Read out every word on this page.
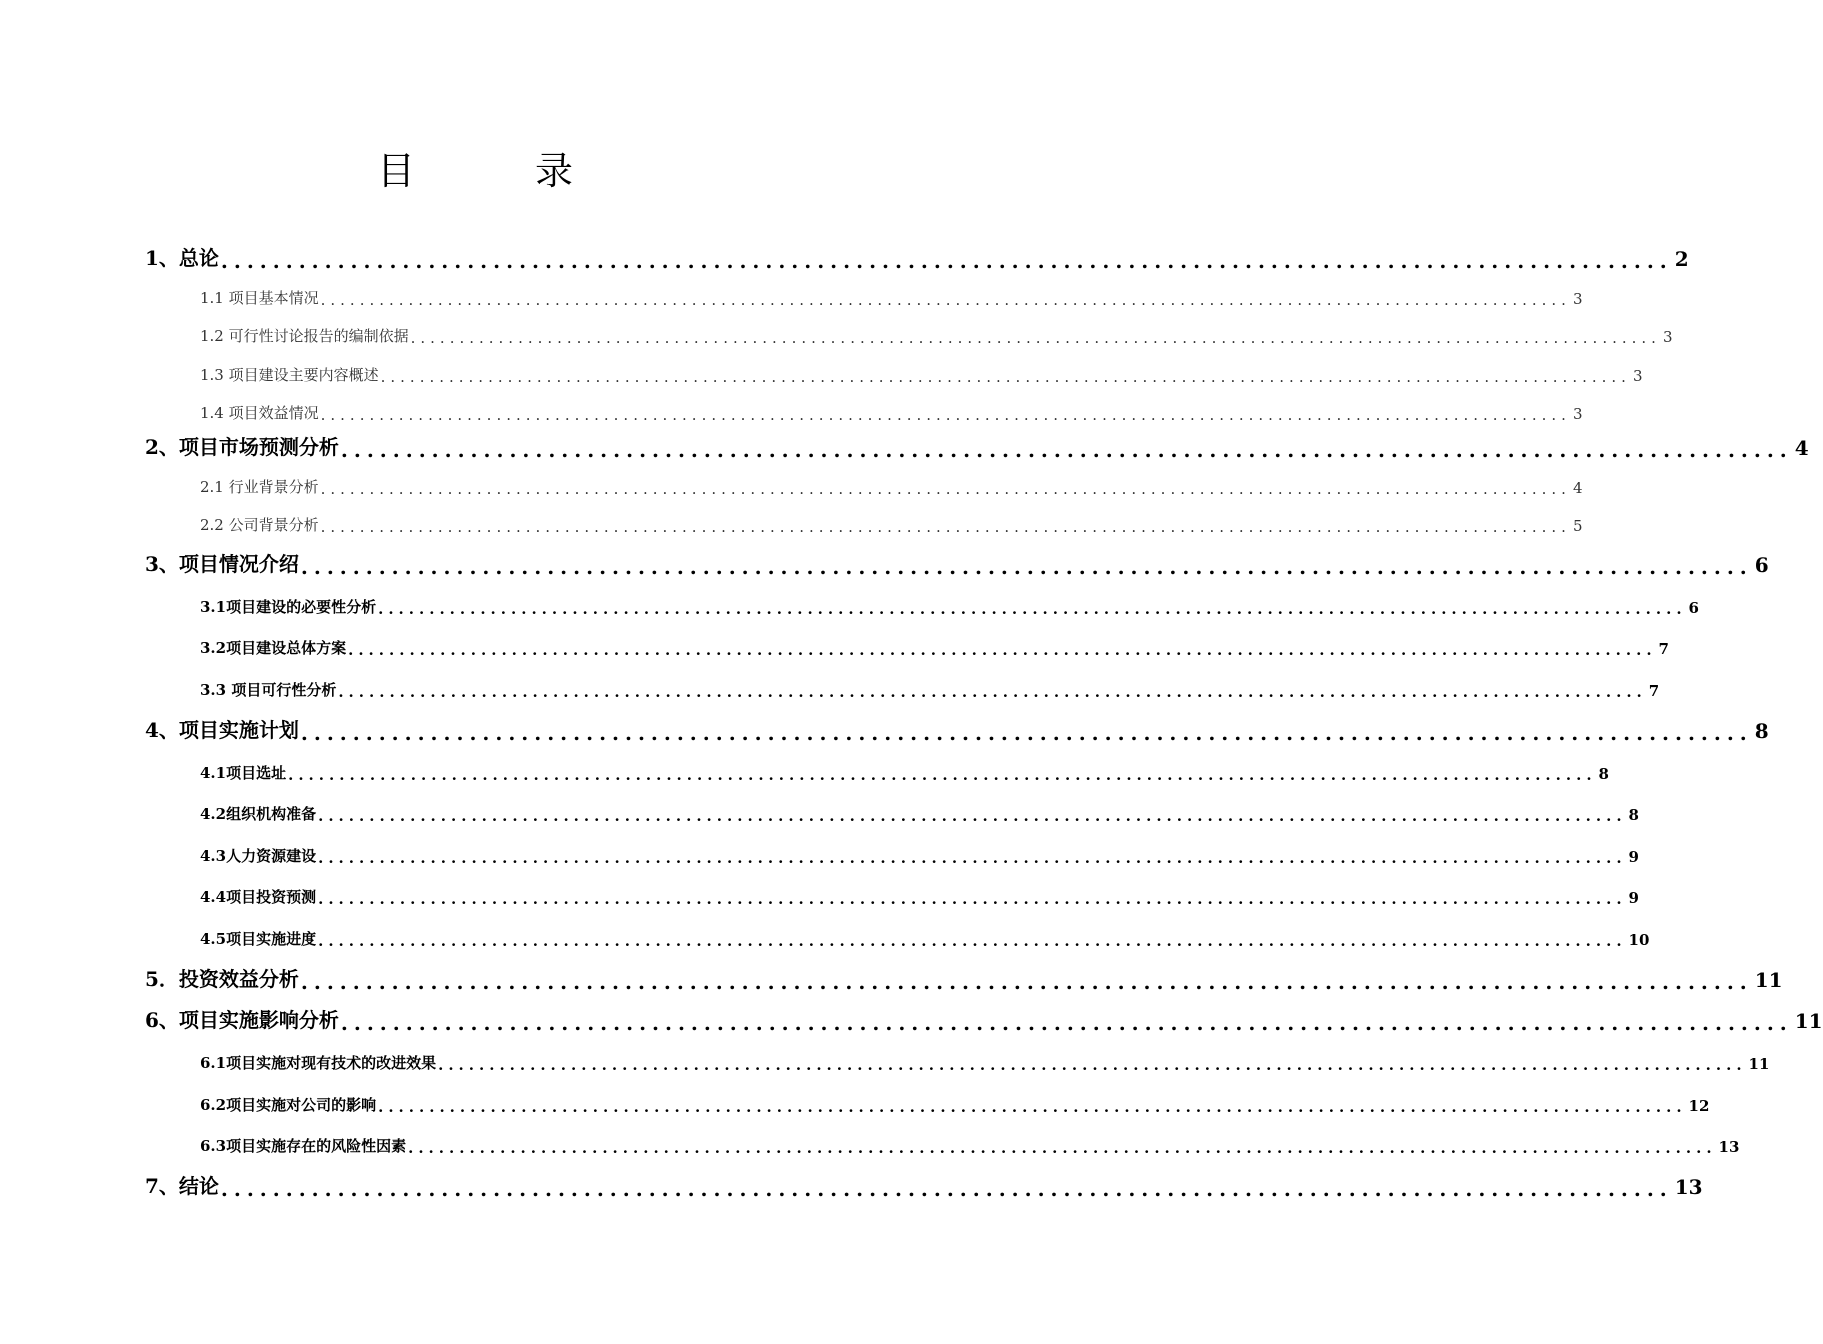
目 录
1、总论 ................................................................................................................ 2
1.1 项目基本情况 ................................................................................................................................ 3
1.2 可行性讨论报告的编制依据 ................................................................................................................................ 3
1.3 项目建设主要内容概述 ................................................................................................................................ 3
1.4 项目效益情况 ................................................................................................................................ 3
2、项目市场预测分析 ................................................................................................................ 4
2.1 行业背景分析 ................................................................................................................................ 4
2.2 公司背景分析 ................................................................................................................................ 5
3、项目情况介绍 ................................................................................................................ 6
3.1项目建设的必要性分析 ................................................................................................................................ 6
3.2项目建设总体方案 ................................................................................................................................ 7
3.3 项目可行性分析 ................................................................................................................................ 7
4、项目实施计划 ................................................................................................................ 8
4.1项目选址 ................................................................................................................................ 8
4.2组织机构准备 ................................................................................................................................ 8
4.3人力资源建设 ................................................................................................................................ 9
4.4项目投资预测 ................................................................................................................................ 9
4.5项目实施进度 ................................................................................................................................ 10
5．投资效益分析 ................................................................................................................ 11
6、项目实施影响分析 ................................................................................................................ 11
6.1项目实施对现有技术的改进效果 ................................................................................................................................ 11
6.2项目实施对公司的影响 ................................................................................................................................ 12
6.3项目实施存在的风险性因素 ................................................................................................................................ 13
7、结论 ................................................................................................................ 13
